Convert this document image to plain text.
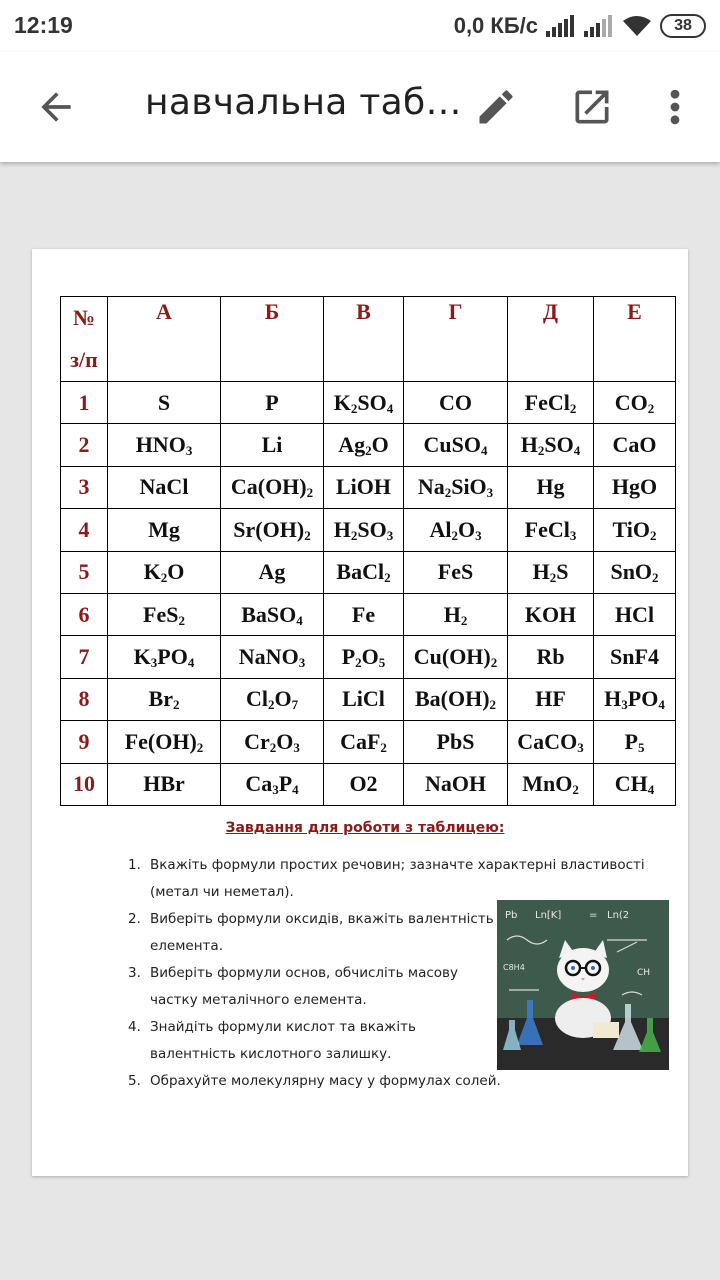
12:19	0,0 КБ/с	38
навчальна таб…
№
з/п	А	Б	В	Г	Д	Е
1	S	P	$K_2SO_4$	CO	FeCl$_2$	$CO_2$
2	$HNO_3$	Li	$Ag_2O$	CuSO$_4$	$H_2SO_4$	CaO
3	NaCl	$Ca(OH)_2$	LiOH	$Na_2SiO_3$	Hg	HgO
4	Mg	$Sr(OH)_2$	$H_2SO_3$	$Al_2O_3$	FeCl$_3$	TiO$_2$
5	$K_2O$	Ag	BaCl$_2$	FeS	$H_2S$	SnO$_2$
6	FeS$_2$	BaSO$_4$	Fe	$H_2$	KOH	HCl
7	$K_3PO_4$	NaNO$_3$	$P_2O_5$	$Cu(OH)_2$	Rb	SnF4
8	$Br_2$	$Cl_2O_7$	LiCl	$Ba(OH)_2$	HF	$H_3PO_4$
9	$Fe(OH)_2$	$Cr_2O_3$	CaF$_2$	PbS	CaCO$_3$	$P_5$
10	HBr	$Ca_3P_4$	O2	NaOH	MnO$_2$	$CH_4$
Завдання для роботи з таблицею:
1. Вкажіть формули простих речовин; зазначте характерні властивості (метал чи неметал).
2. Виберіть формули оксидів, вкажіть валентність елемента.
3. Виберіть формули основ, обчисліть масову частку металічного елемента.
4. Знайдіть формули кислот та вкажіть валентність кислотного залишку.
5. Обрахуйте молекулярну масу у формулах солей.
Pb Ln[K]	= Ln(2
CH
C8H4
